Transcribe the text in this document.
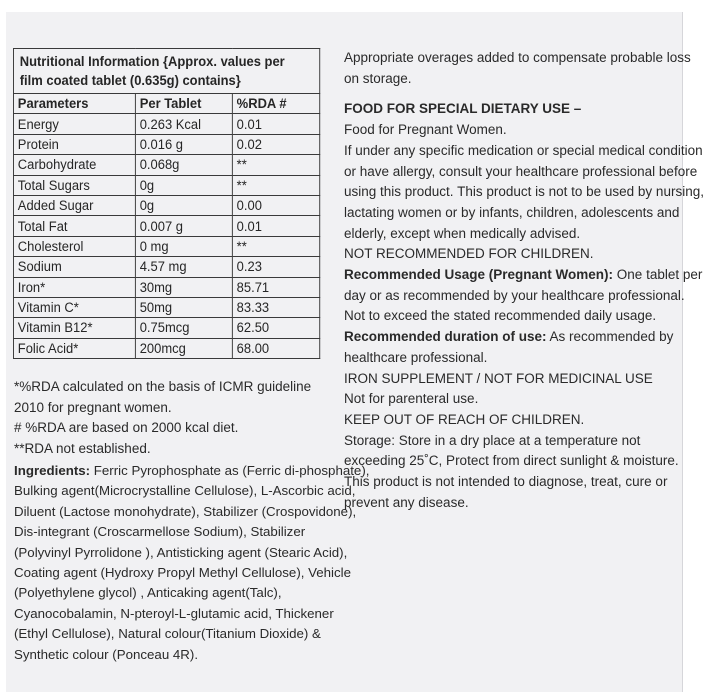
Nutritional Information {Approx. values per
film coated tablet (0.635g) contains}		

Parameters	Per Tablet	%RDA #
Energy	0.263 Kcal	0.01
Protein	0.016 g	0.02
Carbohydrate	0.068g	**
Total Sugars	0g	**
Added Sugar	0g	0.00
Total Fat	0.007 g	0.01
Cholesterol	0 mg	**
Sodium	4.57 mg	0.23
Iron*	30mg	85.71
Vitamin C*	50mg	83.33
Vitamin B12*	0.75mcg	62.50
Folic Acid*	200mcg	68.00
*%RDA calculated on the basis of ICMR guideline
2010 for pregnant women.
# %RDA are based on 2000 kcal diet.
**RDA not established.
Ingredients: Ferric Pyrophosphate as (Ferric di-phosphate),
Bulking agent(Microcrystalline Cellulose), L-Ascorbic acid,
Diluent (Lactose monohydrate), Stabilizer (Crospovidone),
Dis-integrant (Croscarmellose Sodium), Stabilizer
(Polyvinyl Pyrrolidone ), Antisticking agent (Stearic Acid),
Coating agent (Hydroxy Propyl Methyl Cellulose), Vehicle
(Polyethylene glycol) , Anticaking agent(Talc),
Cyanocobalamin, N-pteroyl-L-glutamic acid, Thickener
(Ethyl Cellulose), Natural colour(Titanium Dioxide) &
Synthetic colour (Ponceau 4R).
Appropriate overages added to compensate probable loss
on storage.
FOOD FOR SPECIAL DIETARY USE –
Food for Pregnant Women.
If under any specific medication or special medical condition
or have allergy, consult your healthcare professional before
using this product. This product is not to be used by nursing,
lactating women or by infants, children, adolescents and
elderly, except when medically advised.
NOT RECOMMENDED FOR CHILDREN.
Recommended Usage (Pregnant Women): One tablet per
day or as recommended by your healthcare professional.
Not to exceed the stated recommended daily usage.
Recommended duration of use: As recommended by
healthcare professional.
IRON SUPPLEMENT / NOT FOR MEDICINAL USE
Not for parenteral use.
KEEP OUT OF REACH OF CHILDREN.
Storage: Store in a dry place at a temperature not
exceeding 25˚C, Protect from direct sunlight & moisture.
This product is not intended to diagnose, treat, cure or
prevent any disease.
